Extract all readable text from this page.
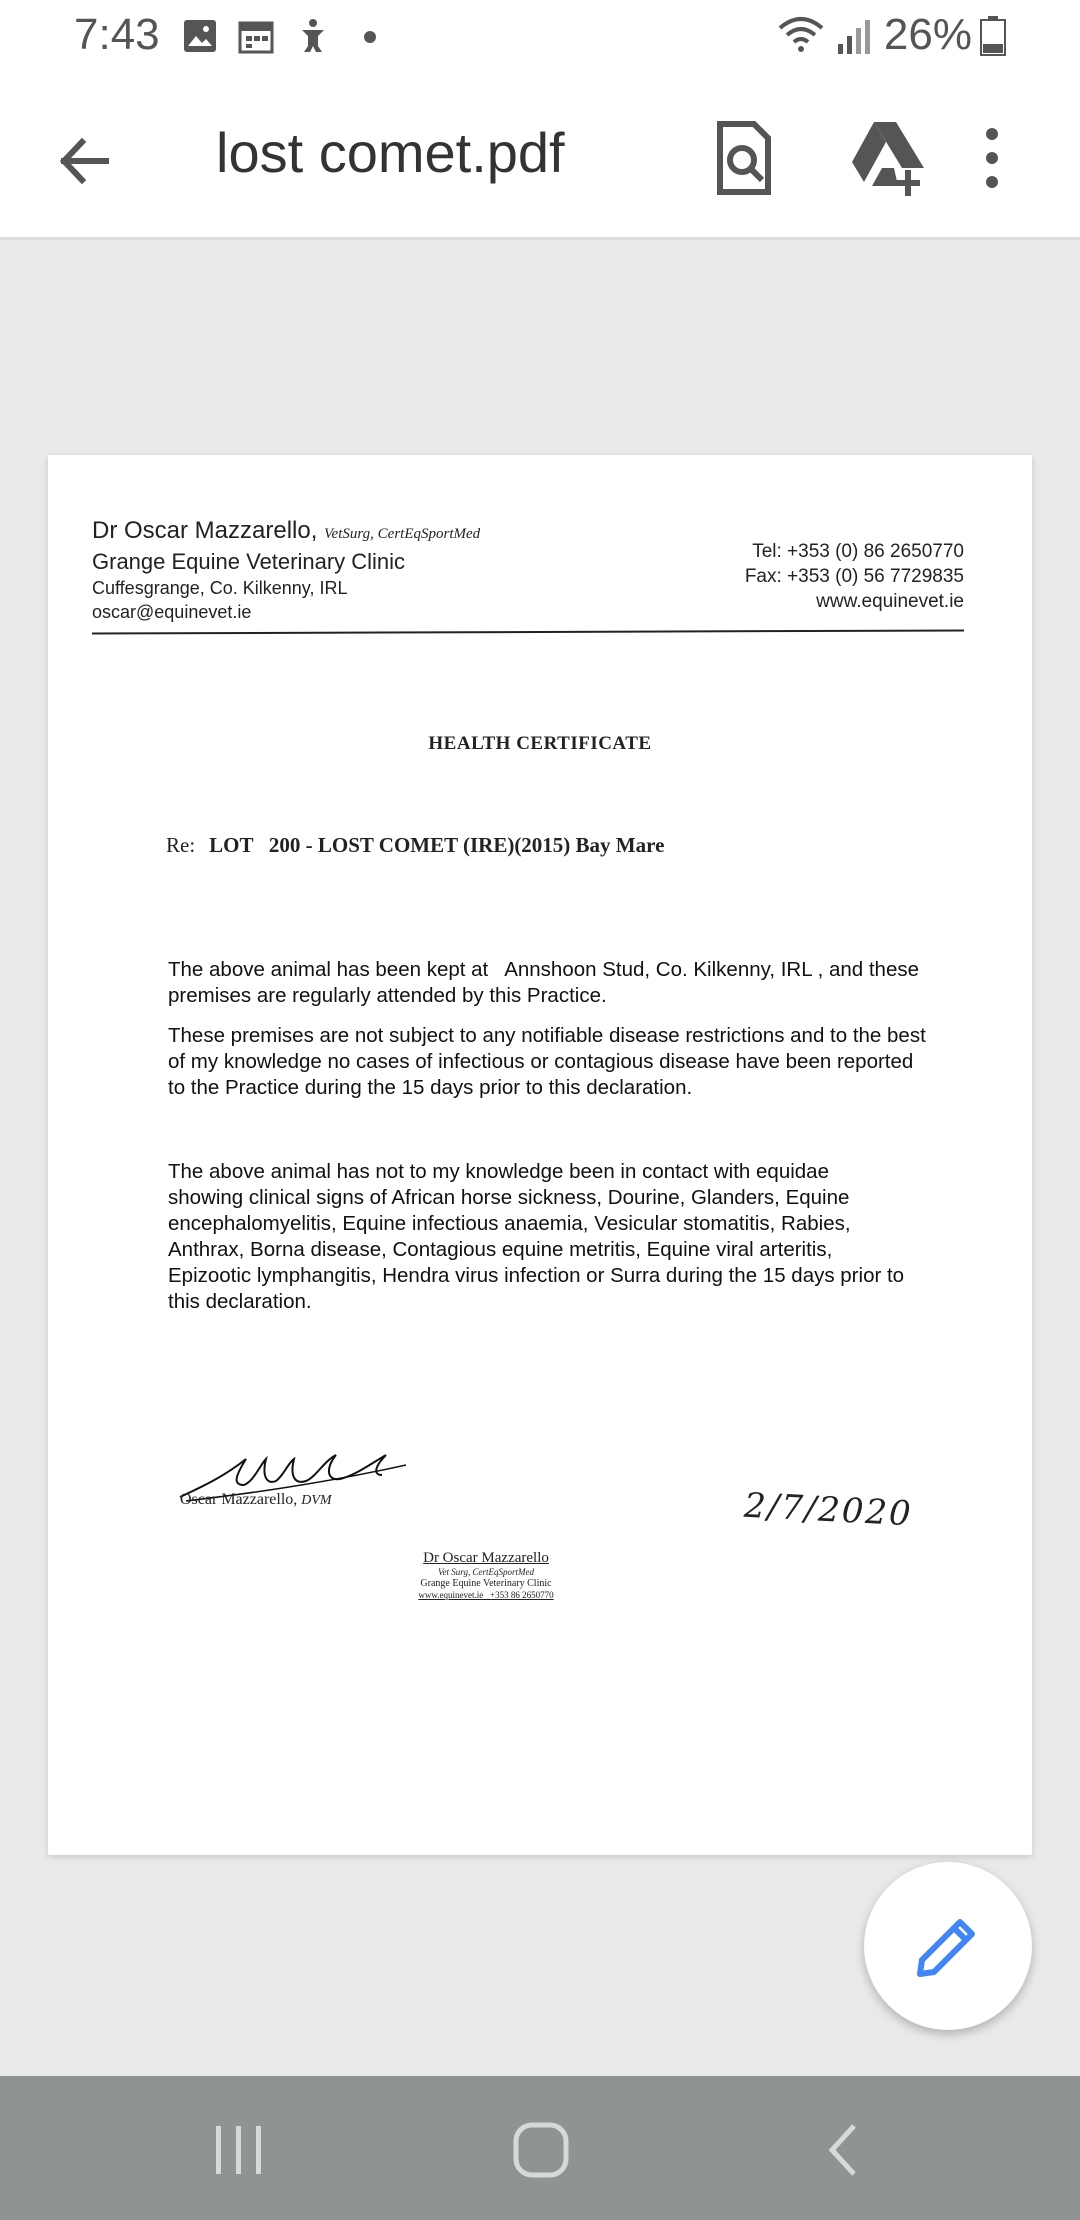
7:43	26%
lost comet.pdf
Dr Oscar Mazzarello, VetSurg, CertEqSportMed
Grange Equine Veterinary Clinic
Cuffesgrange, Co. Kilkenny, IRL
oscar@equinevet.ie
Tel: +353 (0) 86 2650770
Fax: +353 (0) 56 7729835
www.equinevet.ie
HEALTH CERTIFICATE
Re: LOT   200 - LOST COMET (IRE)(2015) Bay Mare
The above animal has been kept at   Annshoon Stud, Co. Kilkenny, IRL , and these premises are regularly attended by this Practice.
These premises are not subject to any notifiable disease restrictions and to the best of my knowledge no cases of infectious or contagious disease have been reported to the Practice during the 15 days prior to this declaration.
The above animal has not to my knowledge been in contact with equidae showing clinical signs of African horse sickness, Dourine, Glanders, Equine encephalomyelitis, Equine infectious anaemia, Vesicular stomatitis, Rabies, Anthrax, Borna disease, Contagious equine metritis, Equine viral arteritis, Epizootic lymphangitis, Hendra virus infection or Surra during the 15 days prior to this declaration.
Oscar Mazzarello, DVM	2/7/2020
Dr Oscar Mazzarello
Vet Surg, CertEqSportMed
Grange Equine Veterinary Clinic
www.equinevet.ie   +353 86 2650770
